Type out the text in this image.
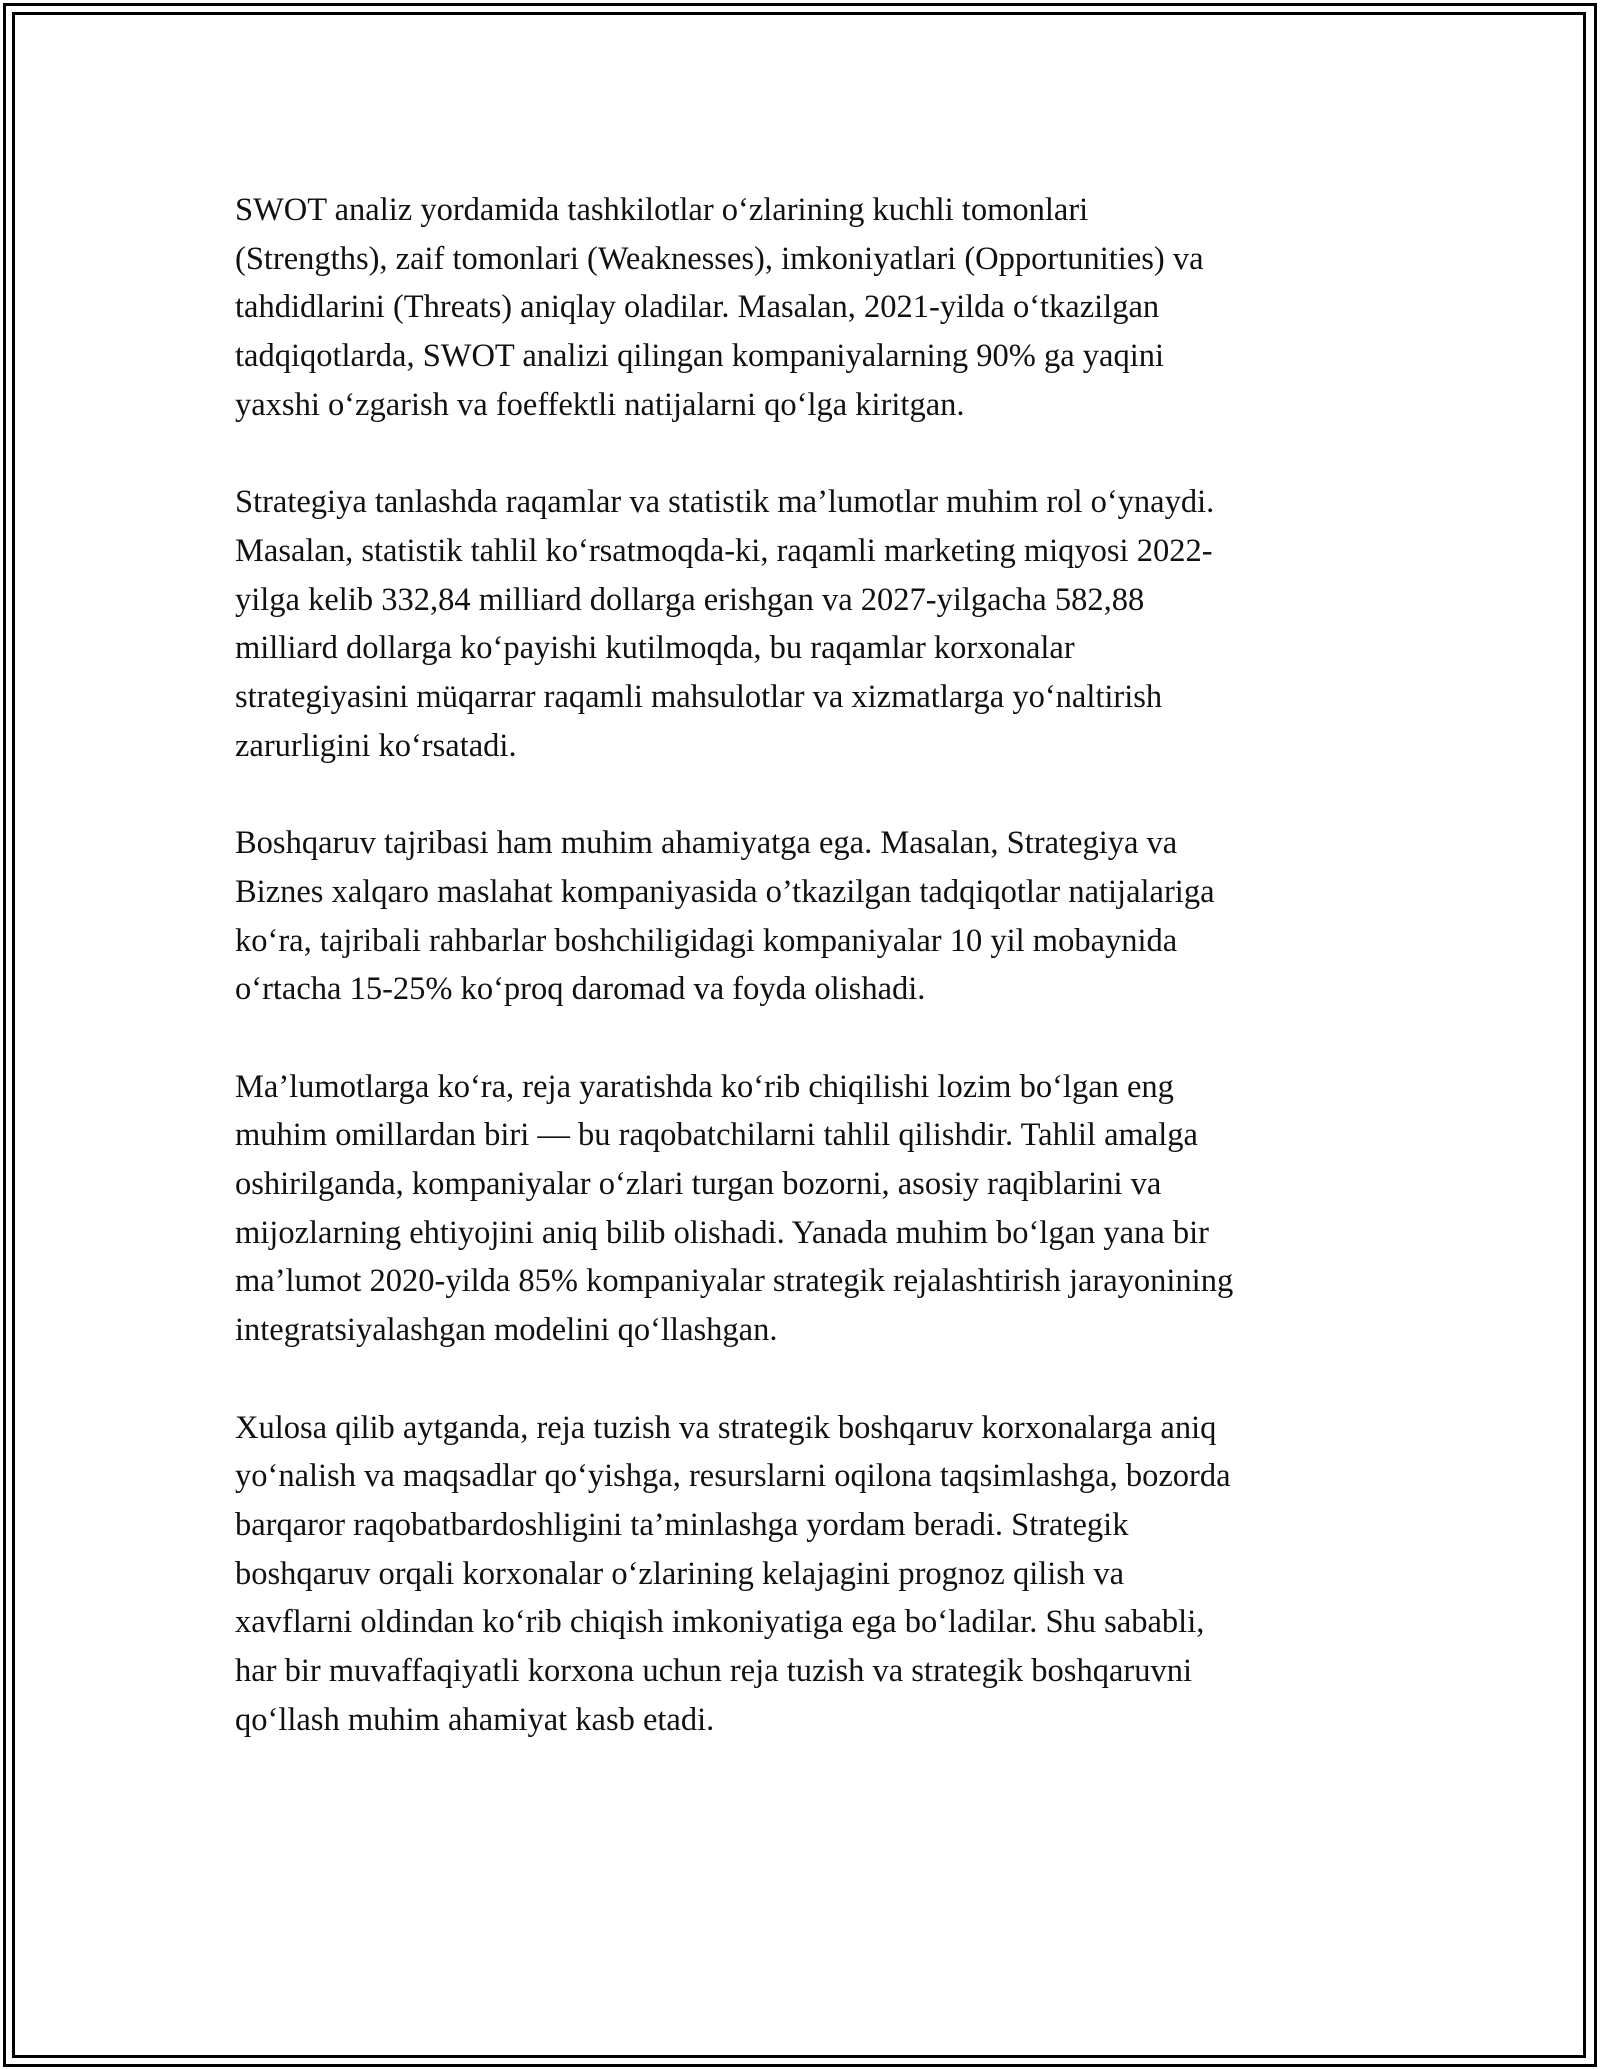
SWOT analiz yordamida tashkilotlar o‘zlarining kuchli tomonlari
(Strengths), zaif tomonlari (Weaknesses), imkoniyatlari (Opportunities) va
tahdidlarini (Threats) aniqlay oladilar. Masalan, 2021-yilda o‘tkazilgan
tadqiqotlarda, SWOT analizi qilingan kompaniyalarning 90% ga yaqini
yaxshi o‘zgarish va foeffektli natijalarni qo‘lga kiritgan.

Strategiya tanlashda raqamlar va statistik ma’lumotlar muhim rol o‘ynaydi.
Masalan, statistik tahlil ko‘rsatmoqda-ki, raqamli marketing miqyosi 2022-
yilga kelib 332,84 milliard dollarga erishgan va 2027-yilgacha 582,88
milliard dollarga ko‘payishi kutilmoqda, bu raqamlar korxonalar
strategiyasini müqarrar raqamli mahsulotlar va xizmatlarga yo‘naltirish
zarurligini ko‘rsatadi.

Boshqaruv tajribasi ham muhim ahamiyatga ega. Masalan, Strategiya va
Biznes xalqaro maslahat kompaniyasida o’tkazilgan tadqiqotlar natijalariga
ko‘ra, tajribali rahbarlar boshchiligidagi kompaniyalar 10 yil mobaynida
o‘rtacha 15-25% ko‘proq daromad va foyda olishadi.

Ma’lumotlarga ko‘ra, reja yaratishda ko‘rib chiqilishi lozim bo‘lgan eng
muhim omillardan biri — bu raqobatchilarni tahlil qilishdir. Tahlil amalga
oshirilganda, kompaniyalar o‘zlari turgan bozorni, asosiy raqiblarini va
mijozlarning ehtiyojini aniq bilib olishadi. Yanada muhim bo‘lgan yana bir
ma’lumot 2020-yilda 85% kompaniyalar strategik rejalashtirish jarayonining
integratsiyalashgan modelini qo‘llashgan.

Xulosa qilib aytganda, reja tuzish va strategik boshqaruv korxonalarga aniq
yo‘nalish va maqsadlar qo‘yishga, resurslarni oqilona taqsimlashga, bozorda
barqaror raqobatbardoshligini ta’minlashga yordam beradi. Strategik
boshqaruv orqali korxonalar o‘zlarining kelajagini prognoz qilish va
xavflarni oldindan ko‘rib chiqish imkoniyatiga ega bo‘ladilar. Shu sababli,
har bir muvaffaqiyatli korxona uchun reja tuzish va strategik boshqaruvni
qo‘llash muhim ahamiyat kasb etadi.
